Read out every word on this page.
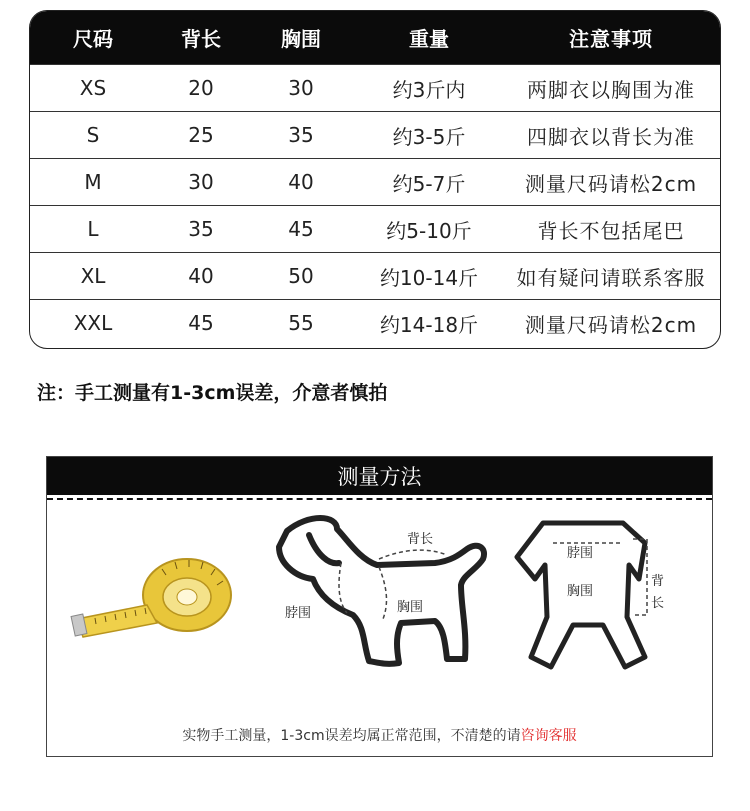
尺码	背长	胸围	重量	注意事项
XS	20	30	约3斤内	两脚衣以胸围为准
S	25	35	约3-5斤	四脚衣以背长为准
M	30	40	约5-7斤	测量尺码请松2cm
L	35	45	约5-10斤	背长不包括尾巴
XL	40	50	约10-14斤	如有疑问请联系客服
XXL	45	55	约14-18斤	测量尺码请松2cm
注：手工测量有1-3cm误差，介意者慎拍
测量方法
背长
脖围	胸围
脖围
胸围
背 长
实物手工测量，1-3cm误差均属正常范围，不清楚的请咨询客服
